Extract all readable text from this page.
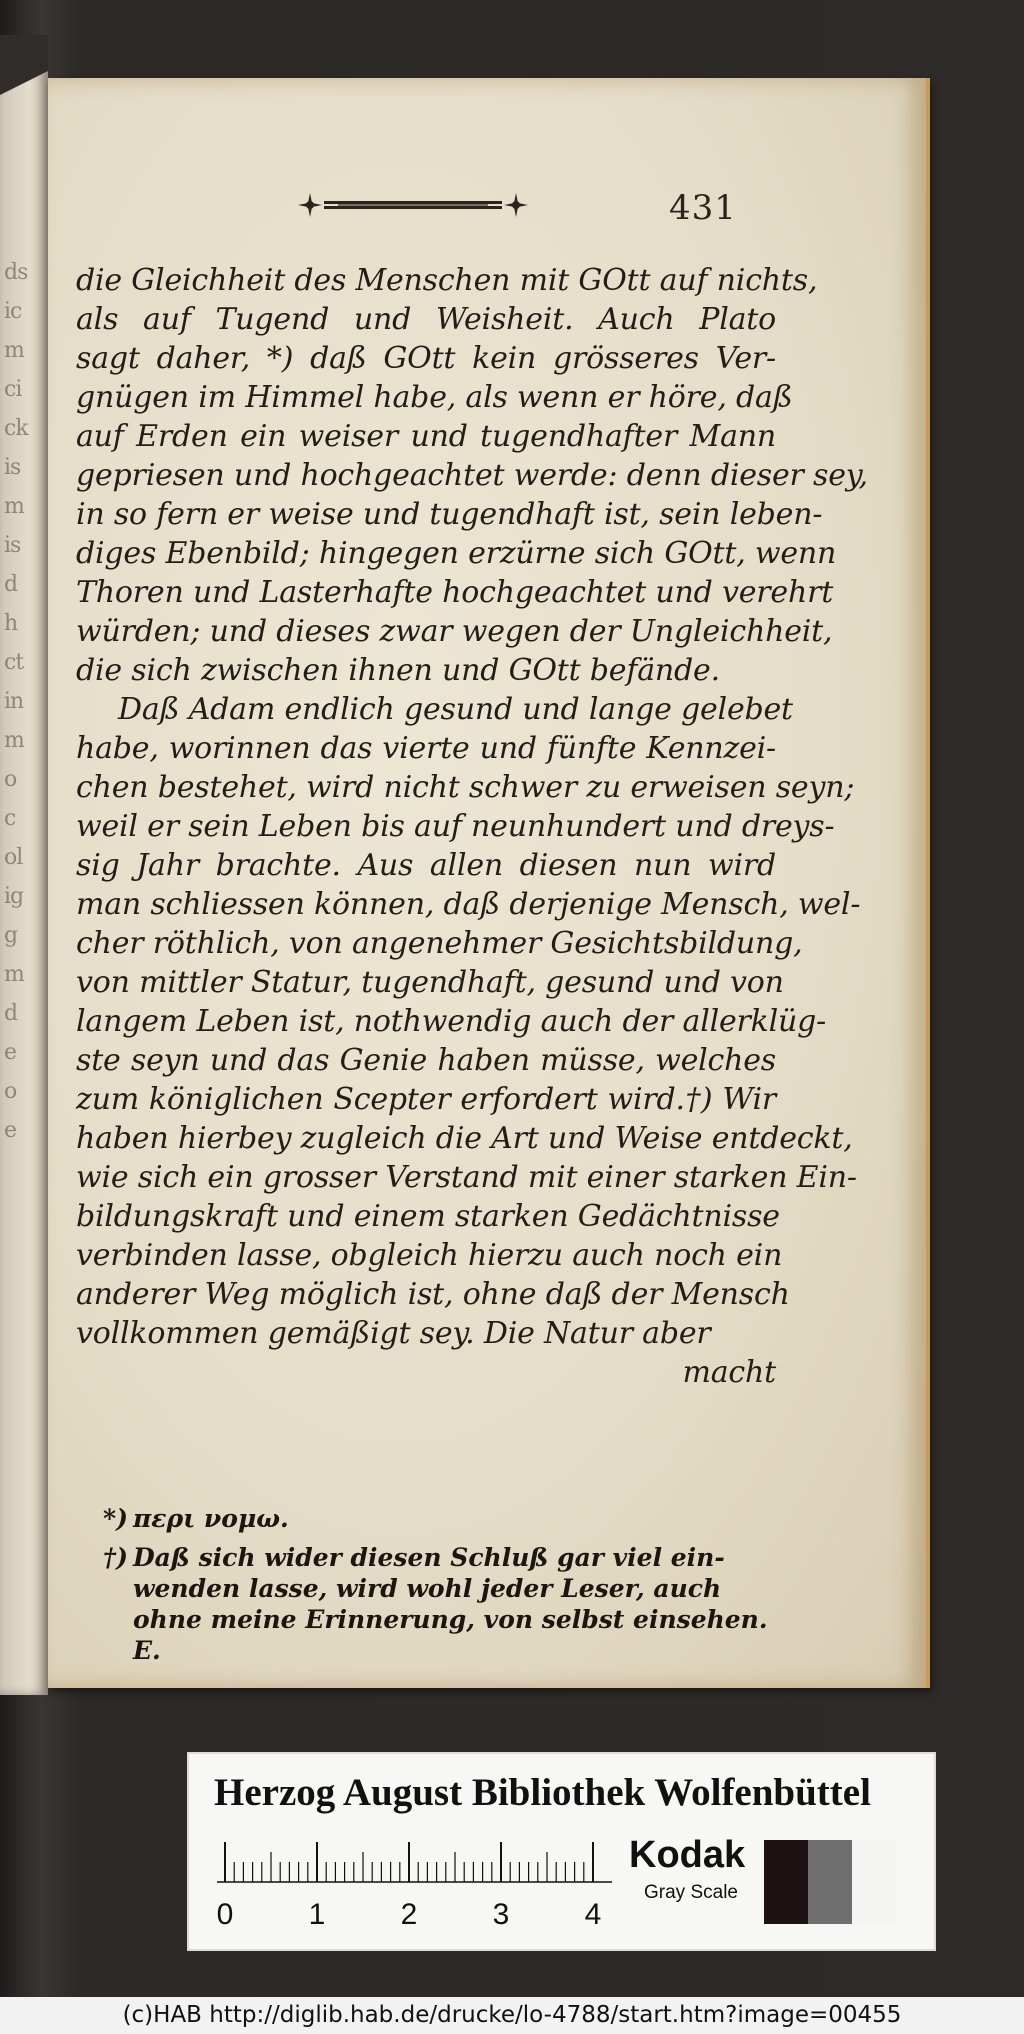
ds
ic
m
ci
ck
is
m
is
d
h
ct
in
m
o
c
ol
ig
g
m
d
e
o
e
431
die Gleichheit des Menschen mit GOtt auf nichts,
als auf Tugend und Weisheit. Auch Plato
sagt daher, *) daß GOtt kein grösseres Ver-
gnügen im Himmel habe, als wenn er höre, daß
auf Erden ein weiser und tugendhafter Mann
gepriesen und hochgeachtet werde: denn dieser sey,
in so fern er weise und tugendhaft ist, sein leben-
diges Ebenbild; hingegen erzürne sich GOtt, wenn
Thoren und Lasterhafte hochgeachtet und verehrt
würden; und dieses zwar wegen der Ungleichheit,
die sich zwischen ihnen und GOtt befände.
Daß Adam endlich gesund und lange gelebet
habe, worinnen das vierte und fünfte Kennzei-
chen bestehet, wird nicht schwer zu erweisen seyn;
weil er sein Leben bis auf neunhundert und dreys-
sig Jahr brachte. Aus allen diesen nun wird
man schliessen können, daß derjenige Mensch, wel-
cher röthlich, von angenehmer Gesichtsbildung,
von mittler Statur, tugendhaft, gesund und von
langem Leben ist, nothwendig auch der allerklüg-
ste seyn und das Genie haben müsse, welches
zum königlichen Scepter erfordert wird.†) Wir
haben hierbey zugleich die Art und Weise entdeckt,
wie sich ein grosser Verstand mit einer starken Ein-
bildungskraft und einem starken Gedächtnisse
verbinden lasse, obgleich hierzu auch noch ein
anderer Weg möglich ist, ohne daß der Mensch
vollkommen gemäßigt sey. Die Natur aber
macht
*) περι νομω.
†) Daß sich wider diesen Schluß gar viel ein-wenden lasse, wird wohl jeder Leser, auch ohne meine Erinnerung, von selbst einsehen. E.
Herzog August Bibliothek Wolfenbüttel
0	1	2	3	4
Kodak
Gray Scale
(c)HAB http://diglib.hab.de/drucke/lo-4788/start.htm?image=00455
